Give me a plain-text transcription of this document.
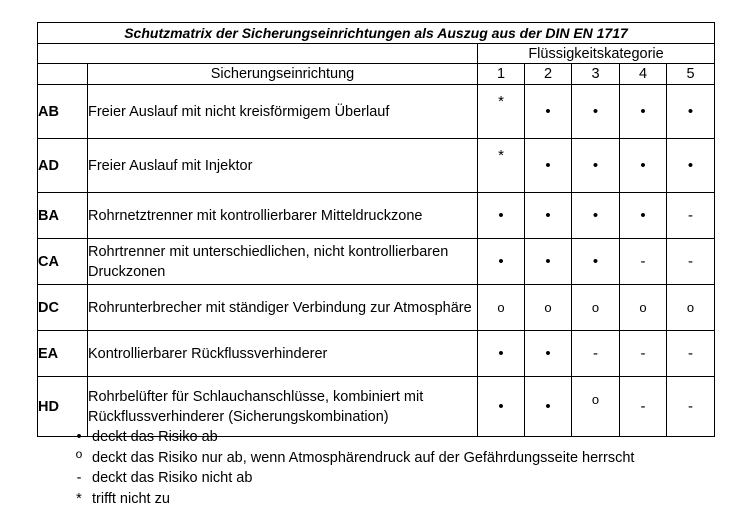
Schutzmatrix der Sicherungseinrichtungen als Auszug aus der DIN EN 1717						
		Flüssigkeitskategorie				
	Sicherungseinrichtung	1	2	3	4	5
AB	Freier Auslauf mit nicht kreisförmigem Überlauf	*	•	•	•	•
AD	Freier Auslauf mit Injektor	*	•	•	•	•
BA	Rohrnetztrenner mit kontrollierbarer Mitteldruckzone	•	•	•	•	-
CA	Rohrtrenner mit unterschiedlichen, nicht kontrollierbaren Druckzonen	•	•	•	-	-
DC	Rohrunterbrecher mit ständiger Verbindung zur Atmosphäre	o	o	o	o	o
EA	Kontrollierbarer Rückflussverhinderer	•	•	-	-	-
HD	Rohrbelüfter für Schlauchanschlüsse, kombiniert mit Rückflussverhinderer (Sicherungskombination)	•	•	o	-	-
• deckt das Risiko ab
o deckt das Risiko nur ab, wenn Atmosphärendruck auf der Gefährdungsseite herrscht
- deckt das Risiko nicht ab
* trifft nicht zu
